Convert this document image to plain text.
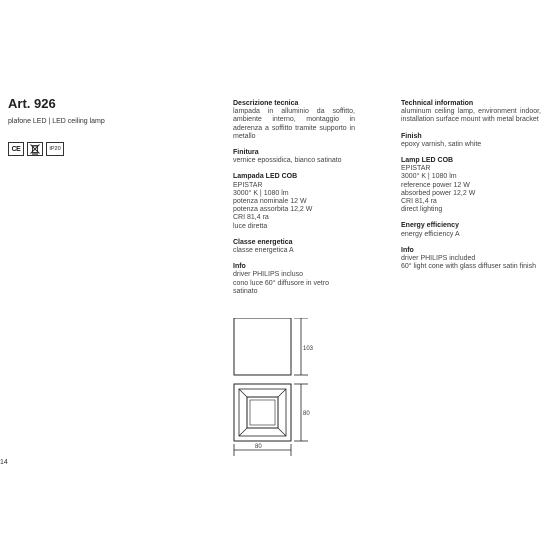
Art. 926
plafone LED | LED ceiling lamp
CE	IP20
Descrizione tecnica
lampada in alluminio da soffitto, ambiente interno, montaggio in aderenza a soffitto tramite supporto in metallo
Finitura
vernice epossidica, bianco satinato
Lampada LED COB
EPISTAR
3000° K | 1080 lm
potenza nominale 12 W
potenza assorbita 12,2 W
CRI 81,4 ra
luce diretta
Classe energetica
classe energetica A
Info
driver PHILIPS incluso
cono luce 60° diffusore in vetro satinato
Technical information
aluminum ceiling lamp, environment indoor, installation surface mount with metal bracket
Finish
epoxy varnish, satin white
Lamp LED COB
EPISTAR
3000° K | 1080 lm
reference power 12 W
absorbed power 12,2 W
CRI 81,4 ra
direct lighting
Energy efficiency
energy efficiency A
Info
driver PHILIPS included
60° light cone with glass diffuser satin finish
103
80
80
14
